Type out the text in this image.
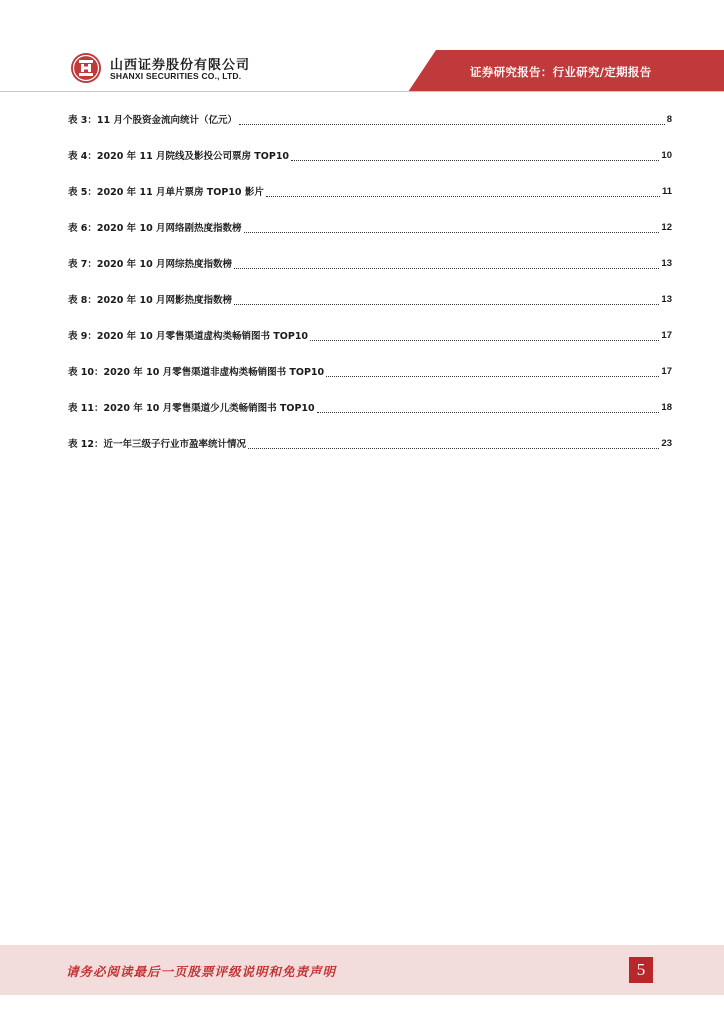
山西证券股份有限公司
SHANXI SECURITIES CO., LTD.	证券研究报告：行业研究/定期报告
表 3：11 月个股资金流向统计（亿元）	8
表 4：2020 年 11 月院线及影投公司票房 TOP10	10
表 5：2020 年 11 月单片票房 TOP10 影片	11
表 6：2020 年 10 月网络剧热度指数榜	12
表 7：2020 年 10 月网综热度指数榜	13
表 8：2020 年 10 月网影热度指数榜	13
表 9：2020 年 10 月零售渠道虚构类畅销图书 TOP10	17
表 10：2020 年 10 月零售渠道非虚构类畅销图书 TOP10	17
表 11：2020 年 10 月零售渠道少儿类畅销图书 TOP10	18
表 12：近一年三级子行业市盈率统计情况	23
请务必阅读最后一页股票评级说明和免责声明	5
